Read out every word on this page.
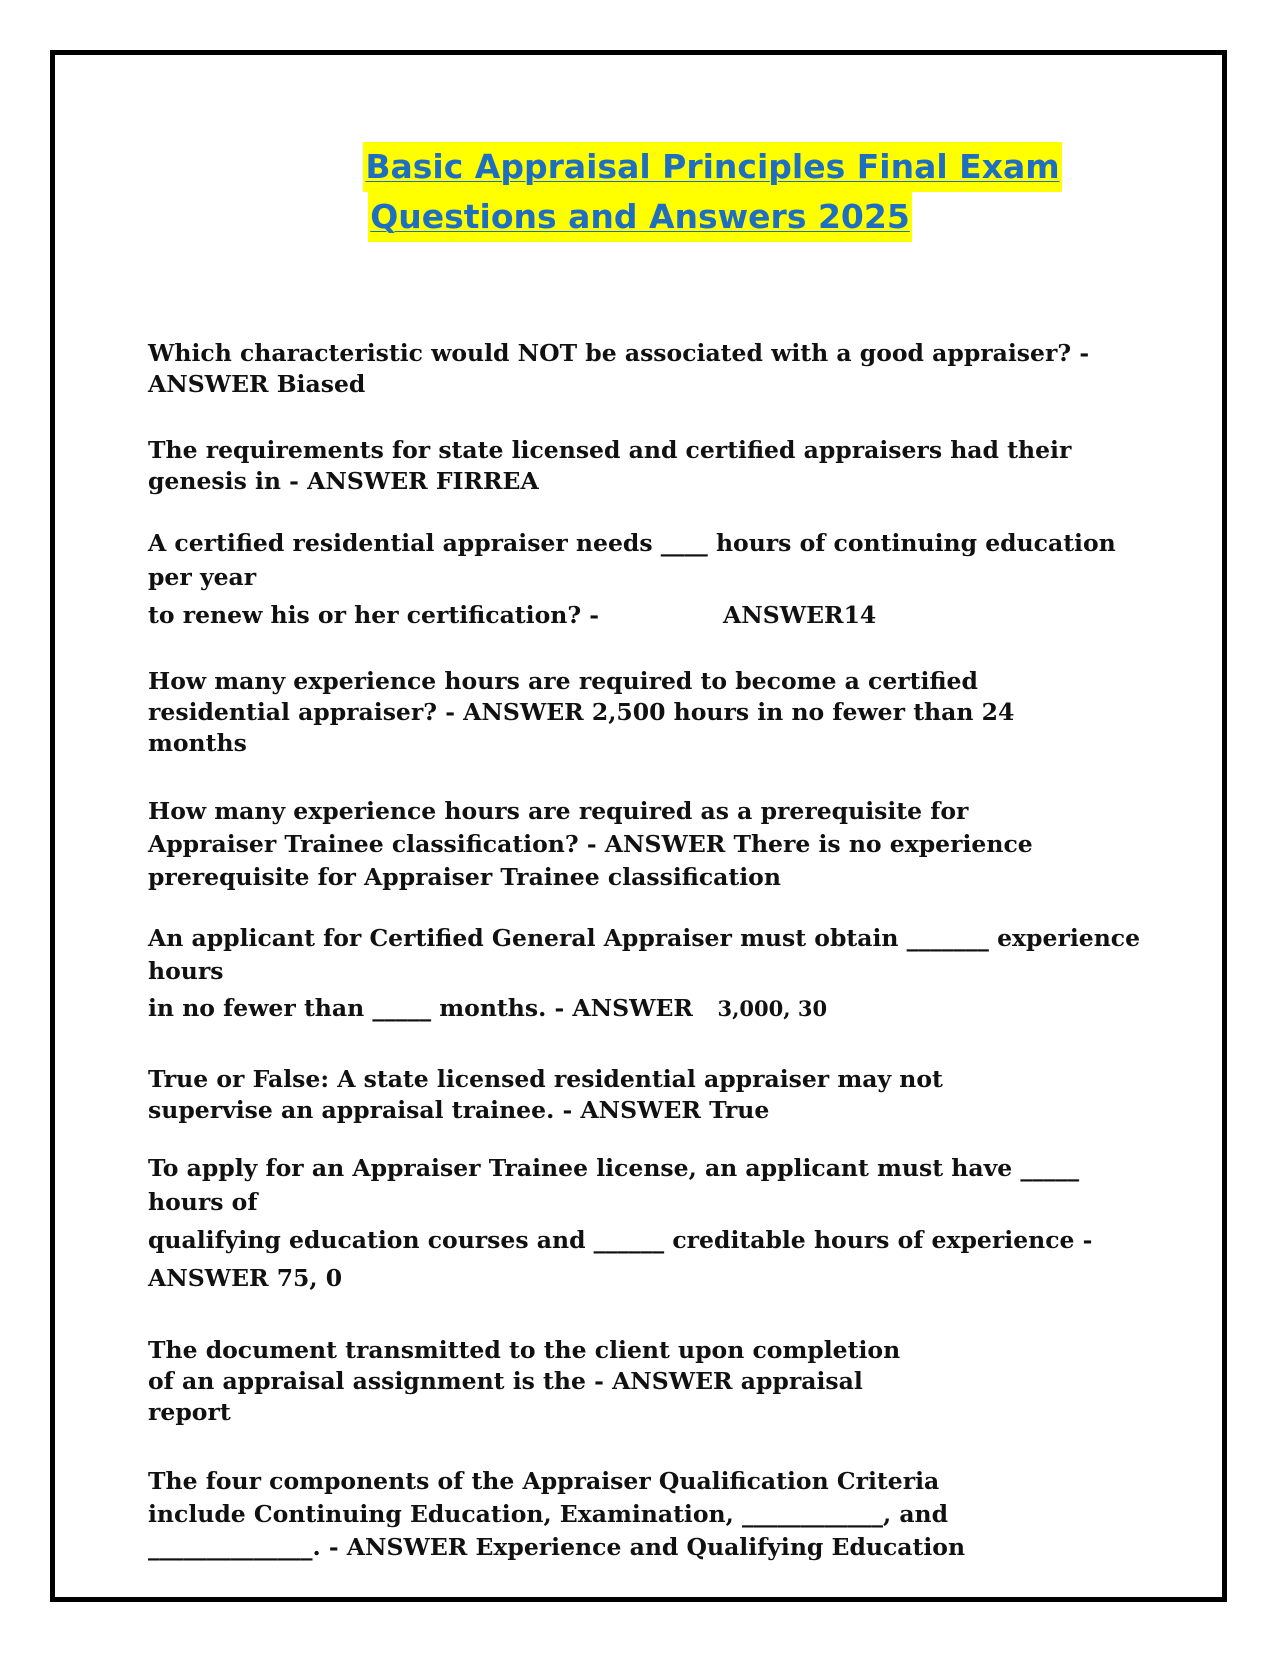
Basic Appraisal Principles Final Exam
Questions and Answers 2025
Which characteristic would NOT be associated with a good appraiser? -
ANSWER Biased
The requirements for state licensed and certified appraisers had their
genesis in - ANSWER FIRREA
A certified residential appraiser needs ____ hours of continuing education
per year
to renew his or her certification? -	ANSWER14
How many experience hours are required to become a certified
residential appraiser? - ANSWER 2,500 hours in no fewer than 24
months
How many experience hours are required as a prerequisite for
Appraiser Trainee classification? - ANSWER There is no experience
prerequisite for Appraiser Trainee classification
An applicant for Certified General Appraiser must obtain _______ experience
hours
in no fewer than _____ months. - ANSWER 3,000, 30
True or False: A state licensed residential appraiser may not
supervise an appraisal trainee. - ANSWER True
To apply for an Appraiser Trainee license, an applicant must have _____
hours of
qualifying education courses and ______ creditable hours of experience -
ANSWER 75, 0
The document transmitted to the client upon completion
of an appraisal assignment is the - ANSWER appraisal
report
The four components of the Appraiser Qualification Criteria
include Continuing Education, Examination, ____________, and
______________. - ANSWER Experience and Qualifying Education
